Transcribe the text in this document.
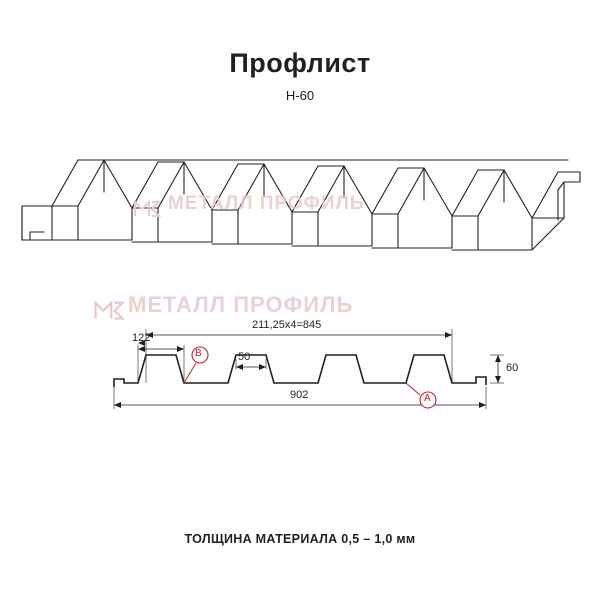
Профлист
Н-60
МЕТАЛЛ ПРОФИЛЬ
МЕТАЛЛ ПРОФИЛЬ
122
211,25х4=845
50
902
60
В
А
ТОЛЩИНА МАТЕРИАЛА 0,5 – 1,0 мм
